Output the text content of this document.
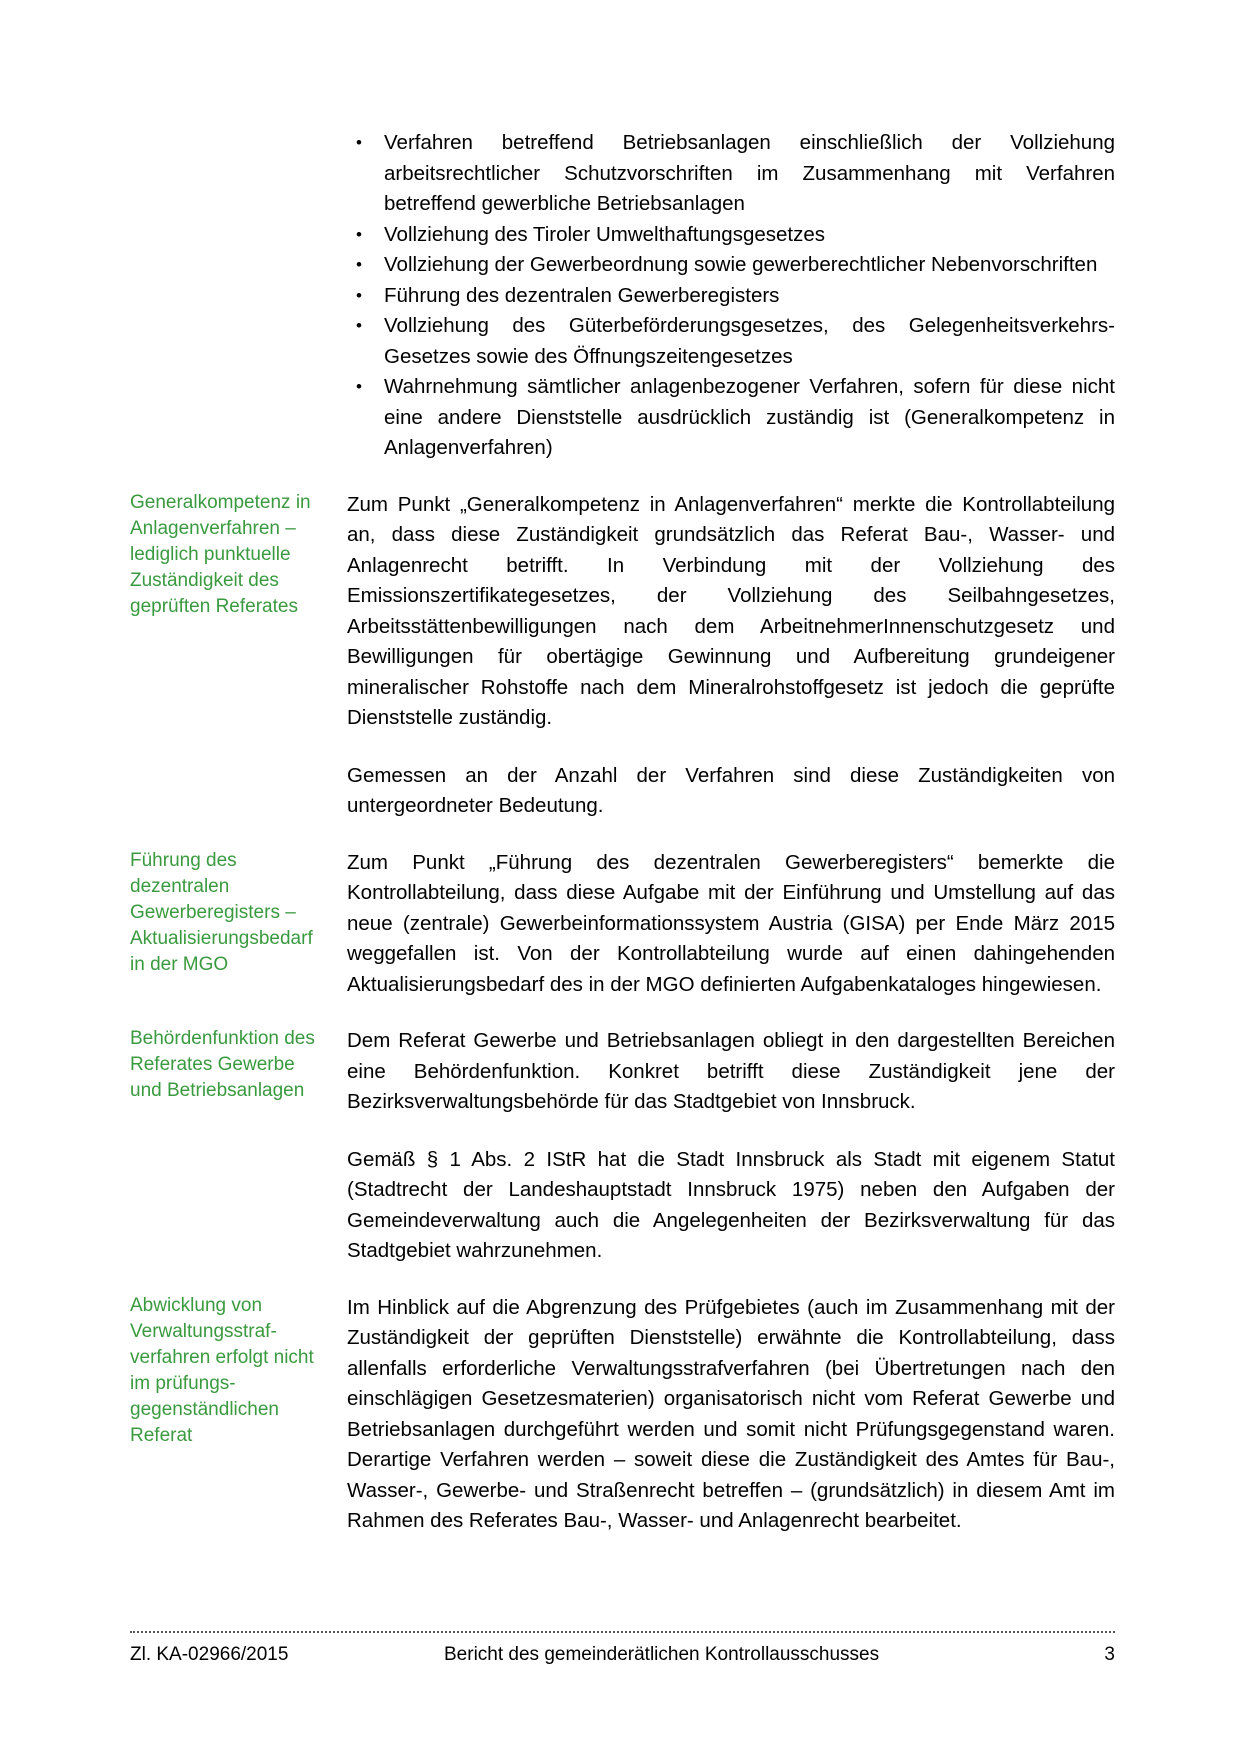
• Verfahren betreffend Betriebsanlagen einschließlich der Vollziehung arbeitsrechtlicher Schutzvorschriften im Zusammenhang mit Verfahren betreffend gewerbliche Betriebsanlagen
• Vollziehung des Tiroler Umwelthaftungsgesetzes
• Vollziehung der Gewerbeordnung sowie gewerberechtlicher Nebenvorschriften
• Führung des dezentralen Gewerberegisters
• Vollziehung des Güterbeförderungsgesetzes, des Gelegenheitsverkehrs-Gesetzes sowie des Öffnungszeitengesetzes
• Wahrnehmung sämtlicher anlagenbezogener Verfahren, sofern für diese nicht eine andere Dienststelle ausdrücklich zuständig ist (Generalkompetenz in Anlagenverfahren)
Generalkompetenz in Anlagenverfahren – lediglich punktuelle Zuständigkeit des geprüften Referates

Zum Punkt „Generalkompetenz in Anlagenverfahren“ merkte die Kontrollabteilung an, dass diese Zuständigkeit grundsätzlich das Referat Bau-, Wasser- und Anlagenrecht betrifft. In Verbindung mit der Vollziehung des Emissionszertifikategesetzes, der Vollziehung des Seilbahngesetzes, Arbeitsstättenbewilligungen nach dem ArbeitnehmerInnenschutzgesetz und Bewilligungen für obertägige Gewinnung und Aufbereitung grundeigener mineralischer Rohstoffe nach dem Mineralrohstoffgesetz ist jedoch die geprüfte Dienststelle zuständig.

Gemessen an der Anzahl der Verfahren sind diese Zuständigkeiten von untergeordneter Bedeutung.

Führung des dezentralen Gewerberegisters – Aktualisierungsbedarf in der MGO

Zum Punkt „Führung des dezentralen Gewerberegisters“ bemerkte die Kontrollabteilung, dass diese Aufgabe mit der Einführung und Umstellung auf das neue (zentrale) Gewerbeinformationssystem Austria (GISA) per Ende März 2015 weggefallen ist. Von der Kontrollabteilung wurde auf einen dahingehenden Aktualisierungsbedarf des in der MGO definierten Aufgabenkataloges hingewiesen.

Behördenfunktion des Referates Gewerbe und Betriebsanlagen

Dem Referat Gewerbe und Betriebsanlagen obliegt in den dargestellten Bereichen eine Behördenfunktion. Konkret betrifft diese Zuständigkeit jene der Bezirksverwaltungsbehörde für das Stadtgebiet von Innsbruck.

Gemäß § 1 Abs. 2 IStR hat die Stadt Innsbruck als Stadt mit eigenem Statut (Stadtrecht der Landeshauptstadt Innsbruck 1975) neben den Aufgaben der Gemeindeverwaltung auch die Angelegenheiten der Bezirksverwaltung für das Stadtgebiet wahrzunehmen.

Abwicklung von Verwaltungsstrafverfahren erfolgt nicht im prüfungsgegenständlichen Referat

Im Hinblick auf die Abgrenzung des Prüfgebietes (auch im Zusammenhang mit der Zuständigkeit der geprüften Dienststelle) erwähnte die Kontrollabteilung, dass allenfalls erforderliche Verwaltungsstrafverfahren (bei Übertretungen nach den einschlägigen Gesetzesmaterien) organisatorisch nicht vom Referat Gewerbe und Betriebsanlagen durchgeführt werden und somit nicht Prüfungsgegenstand waren. Derartige Verfahren werden – soweit diese die Zuständigkeit des Amtes für Bau-, Wasser-, Gewerbe- und Straßenrecht betreffen – (grundsätzlich) in diesem Amt im Rahmen des Referates Bau-, Wasser- und Anlagenrecht bearbeitet.

Zl. KA-02966/2015	Bericht des gemeinderätlichen Kontrollausschusses	3
